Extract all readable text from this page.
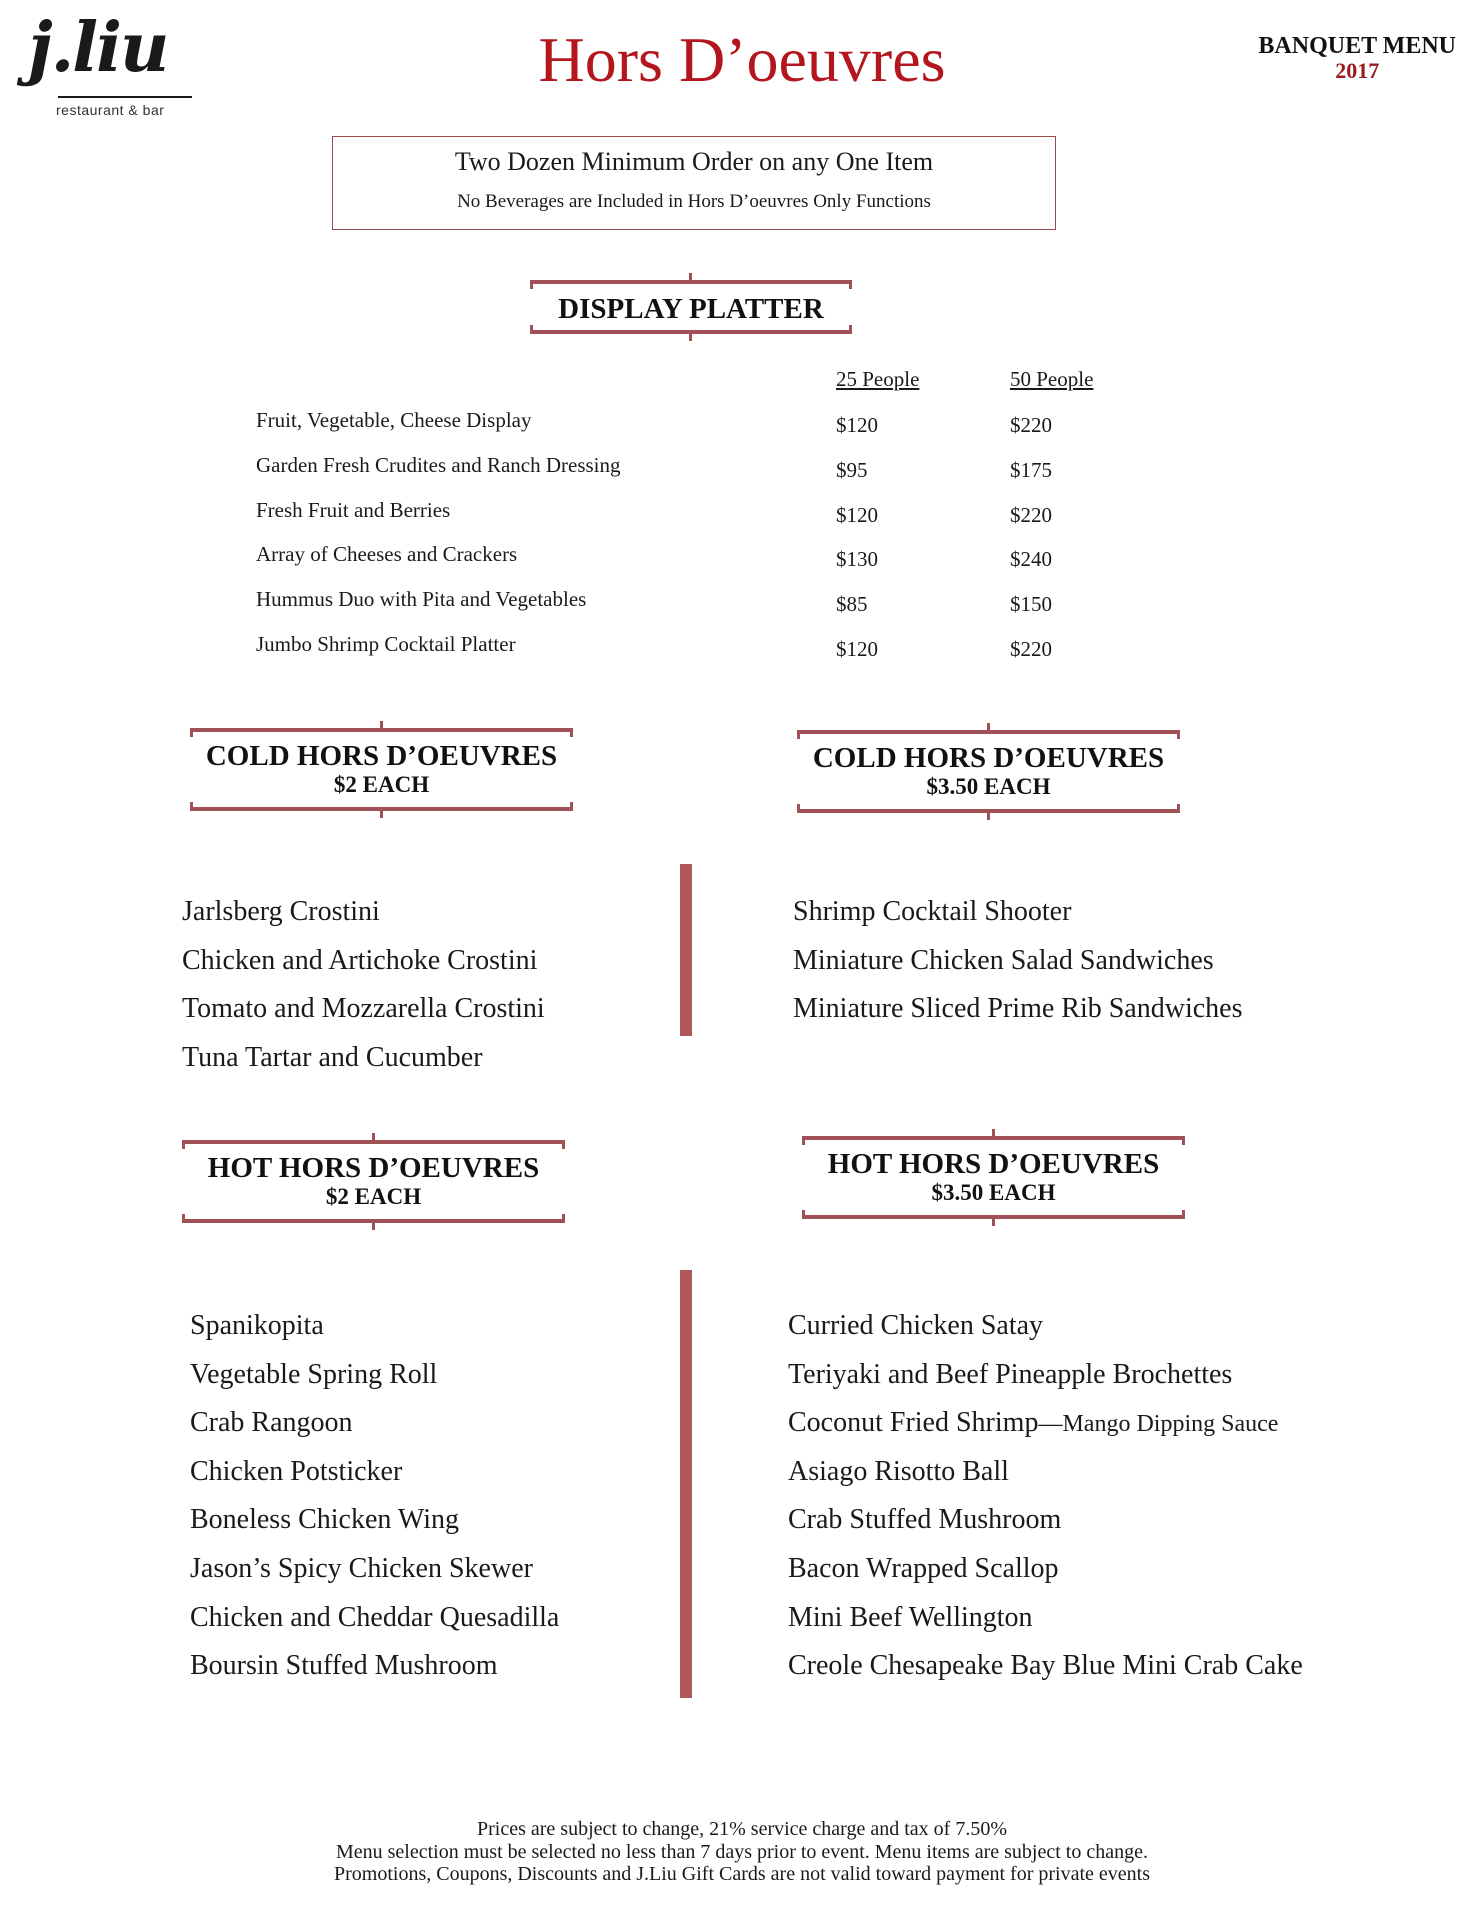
j.liu
restaurant & bar
Hors D’oeuvres	BANQUET MENU
2017
Two Dozen Minimum Order on any One Item
No Beverages are Included in Hors D’oeuvres Only Functions
DISPLAY PLATTER
25 People	50 People
Fruit, Vegetable, Cheese Display	$120	$220
Garden Fresh Crudites and Ranch Dressing	$95	$175
Fresh Fruit and Berries	$120	$220
Array of Cheeses and Crackers	$130	$240
Hummus Duo with Pita and Vegetables	$85	$150
Jumbo Shrimp Cocktail Platter	$120	$220
COLD HORS D’OEUVRES
$2 EACH
COLD HORS D’OEUVRES
$3.50 EACH
Jarlsberg Crostini
Chicken and Artichoke Crostini
Tomato and Mozzarella Crostini
Tuna Tartar and Cucumber
Shrimp Cocktail Shooter
Miniature Chicken Salad Sandwiches
Miniature Sliced Prime Rib Sandwiches
HOT HORS D’OEUVRES
$2 EACH
HOT HORS D’OEUVRES
$3.50 EACH
Spanikopita
Vegetable Spring Roll
Crab Rangoon
Chicken Potsticker
Boneless Chicken Wing
Jason’s Spicy Chicken Skewer
Chicken and Cheddar Quesadilla
Boursin Stuffed Mushroom
Curried Chicken Satay
Teriyaki and Beef Pineapple Brochettes
Coconut Fried Shrimp—Mango Dipping Sauce
Asiago Risotto Ball
Crab Stuffed Mushroom
Bacon Wrapped Scallop
Mini Beef Wellington
Creole Chesapeake Bay Blue Mini Crab Cake
Prices are subject to change, 21% service charge and tax of 7.50%
Menu selection must be selected no less than 7 days prior to event. Menu items are subject to change.
Promotions, Coupons, Discounts and J.Liu Gift Cards are not valid toward payment for private events
